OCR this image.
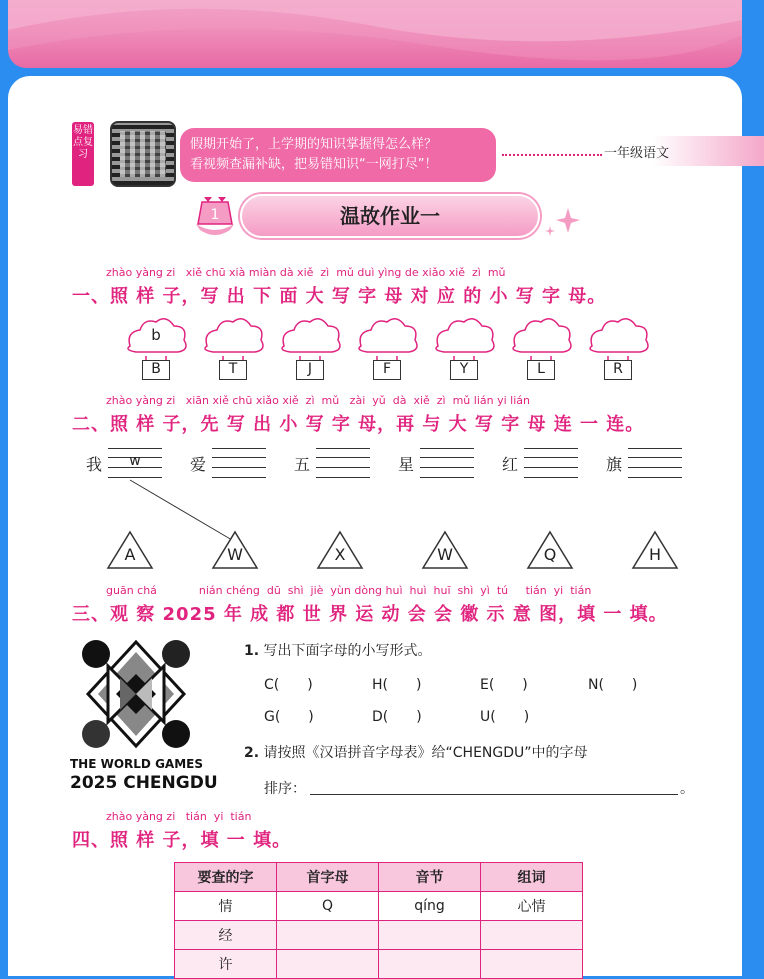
易错点复习
假期开始了，上学期的知识掌握得怎么样？
看视频查漏补缺，把易错知识“一网打尽”！
一年级语文
1	温故作业一
zhào yàng zi   xiě chū xià miàn dà xiě  zì  mǔ duì yìng de xiǎo xiě  zì  mǔ
一、照 样 子，写 出 下 面 大 写 字 母 对 应 的 小 写 字 母。
zhào yàng zi   xiān xiě chū xiǎo xiě  zì  mǔ   zài  yǔ  dà  xiě  zì  mǔ lián yi lián
二、照 样 子，先 写 出 小 写 字 母，再 与 大 写 字 母 连 一 连。
guān chá            nián chéng  dū  shì  jiè  yùn dòng huì  huì  huī  shì  yì  tú     tián  yi  tián
三、观 察 2025 年 成 都 世 界 运 动 会 会 徽 示 意 图，填 一 填。
THE WORLD GAMES
2025 CHENGDU
1. 写出下面字母的小写形式。
2. 请按照《汉语拼音字母表》给“CHENGDU”中的字母
排序：	。
zhào yàng zi   tián  yi  tián
四、照 样 子，填 一 填。
B
b
T	J	F	Y	L	R
我	w	爱	五	星	红	旗
A	W	X	W	Q	H
C(　　)	H(　　)	E(　　)	N(　　)
G(　　)	D(　　)	U(　　)
要查的字	首字母	音节	组词
情	Q	qíng	心情
经			
许			
